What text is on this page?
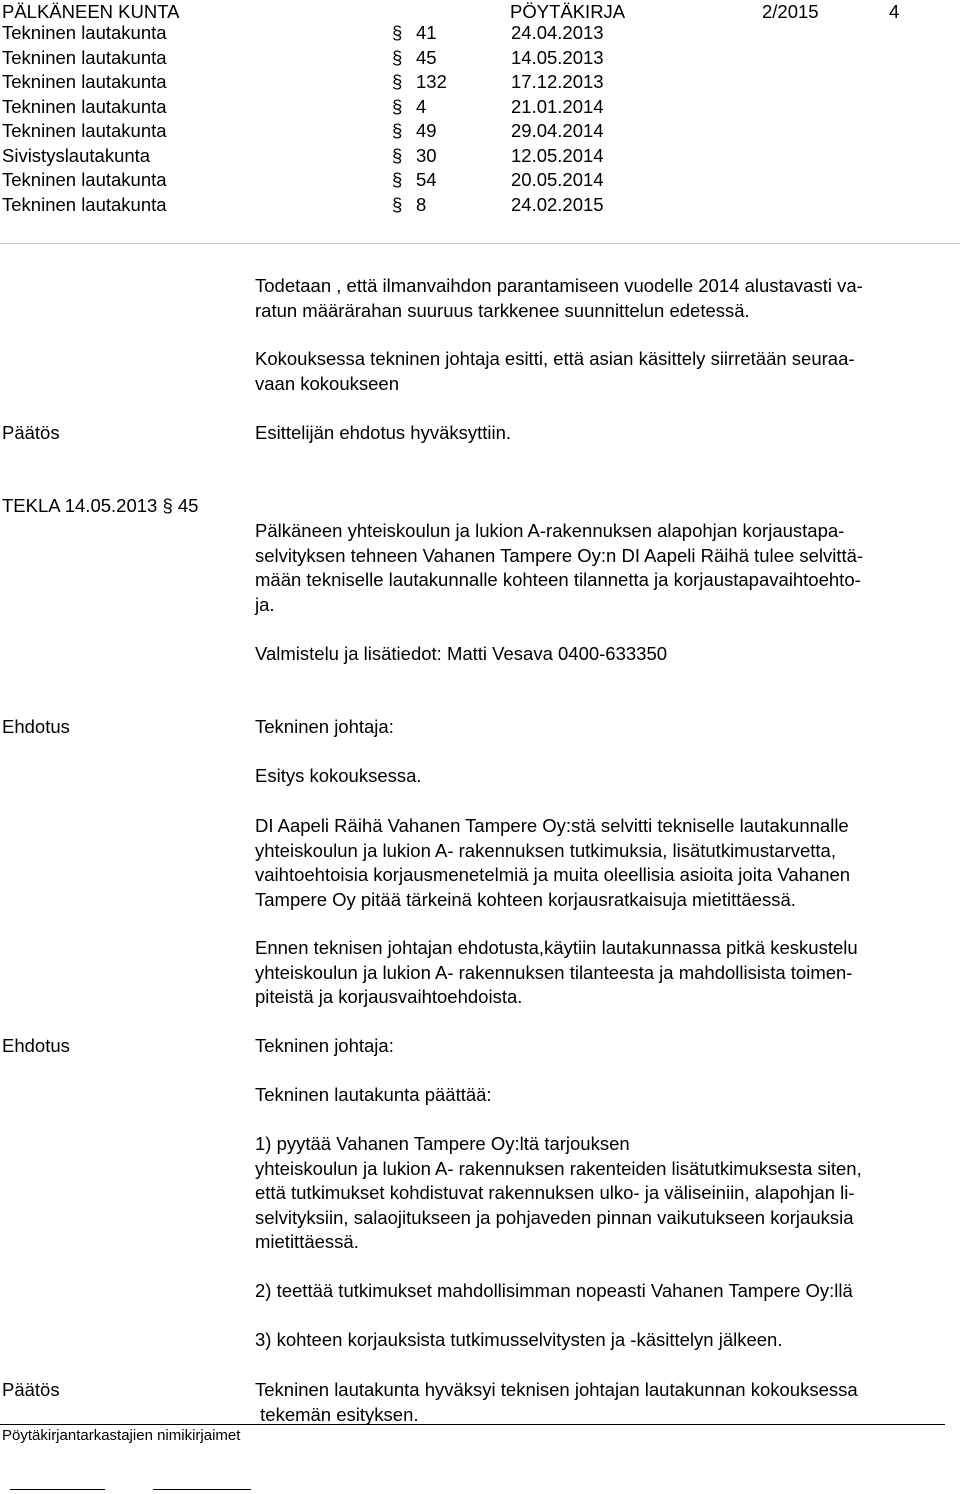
PÄLKÄNEEN KUNTA	PÖYTÄKIRJA	2/2015	4
Tekninen lautakunta	§ 41	24.04.2013
Tekninen lautakunta	§ 45	14.05.2013
Tekninen lautakunta	§ 132	17.12.2013
Tekninen lautakunta	§ 4	21.01.2014
Tekninen lautakunta	§ 49	29.04.2014
Sivistyslautakunta	§ 30	12.05.2014
Tekninen lautakunta	§ 54	20.05.2014
Tekninen lautakunta	§ 8	24.02.2015
Todetaan , että ilmanvaihdon parantamiseen vuodelle 2014 alustavasti va-
ratun määrärahan suuruus tarkkenee suunnittelun edetessä.
Kokouksessa tekninen johtaja esitti, että asian käsittely siirretään seuraa-
vaan kokoukseen
Päätös	Esittelijän ehdotus hyväksyttiin.
TEKLA 14.05.2013 § 45
Pälkäneen yhteiskoulun ja lukion A-rakennuksen alapohjan korjaustapa-
selvityksen tehneen Vahanen Tampere Oy:n DI Aapeli Räihä tulee selvittä-
mään tekniselle lautakunnalle kohteen tilannetta ja korjaustapavaihtoehto-
ja.
Valmistelu ja lisätiedot: Matti Vesava 0400-633350
Ehdotus	Tekninen johtaja:
Esitys kokouksessa.
DI Aapeli Räihä Vahanen Tampere Oy:stä selvitti tekniselle lautakunnalle
yhteiskoulun ja lukion A- rakennuksen tutkimuksia, lisätutkimustarvetta,
vaihtoehtoisia korjausmenetelmiä ja muita oleellisia asioita joita Vahanen
Tampere Oy pitää tärkeinä kohteen korjausratkaisuja mietittäessä.
Ennen teknisen johtajan ehdotusta,käytiin lautakunnassa pitkä keskustelu
yhteiskoulun ja lukion A- rakennuksen tilanteesta ja mahdollisista toimen-
piteistä ja korjausvaihtoehdoista.
Ehdotus	Tekninen johtaja:
Tekninen lautakunta päättää:
1) pyytää Vahanen Tampere Oy:ltä tarjouksen
yhteiskoulun ja lukion A- rakennuksen rakenteiden lisätutkimuksesta siten,
että tutkimukset kohdistuvat rakennuksen ulko- ja väliseiniin, alapohjan li-
selvityksiin, salaojitukseen ja pohjaveden pinnan vaikutukseen korjauksia
mietittäessä.
2) teettää tutkimukset mahdollisimman nopeasti Vahanen Tampere Oy:llä
3) kohteen korjauksista tutkimusselvitysten ja -käsittelyn jälkeen.
Päätös	Tekninen lautakunta hyväksyi teknisen johtajan lautakunnan kokouksessa
tekemän esityksen.
Pöytäkirjantarkastajien nimikirjaimet
